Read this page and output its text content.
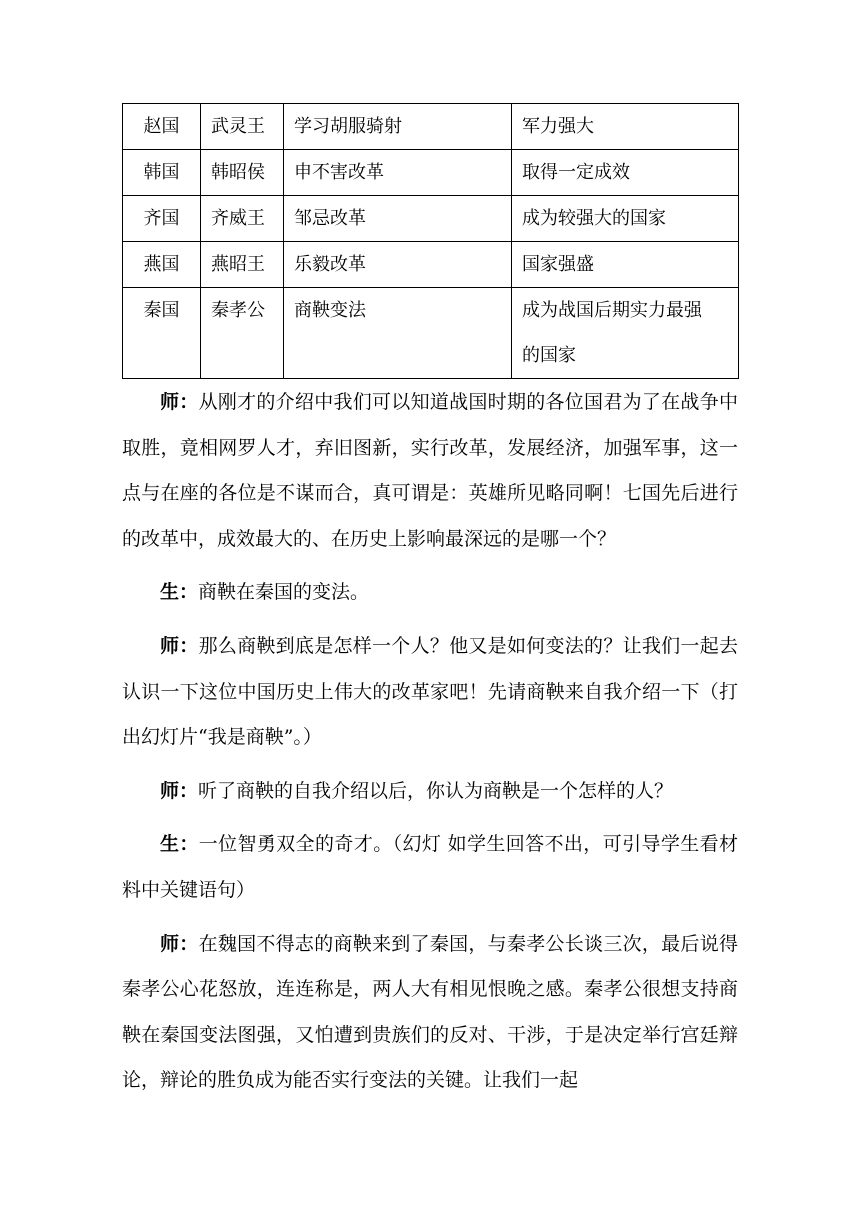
赵国	武灵王	学习胡服骑射	军力强大
韩国	韩昭侯	申不害改革	取得一定成效
齐国	齐威王	邹忌改革	成为较强大的国家
燕国	燕昭王	乐毅改革	国家强盛
秦国	秦孝公	商鞅变法	成为战国后期实力最强
的国家

师：从刚才的介绍中我们可以知道战国时期的各位国君为了在战争中取胜，竟相网罗人才，弃旧图新，实行改革，发展经济，加强军事，这一点与在座的各位是不谋而合，真可谓是：英雄所见略同啊！七国先后进行的改革中，成效最大的、在历史上影响最深远的是哪一个？

生：商鞅在秦国的变法。

师：那么商鞅到底是怎样一个人？他又是如何变法的？让我们一起去认识一下这位中国历史上伟大的改革家吧！先请商鞅来自我介绍一下（打出幻灯片“我是商鞅”。）

师：听了商鞅的自我介绍以后，你认为商鞅是一个怎样的人？

生：一位智勇双全的奇才。（幻灯 如学生回答不出，可引导学生看材料中关键语句）

师：在魏国不得志的商鞅来到了秦国，与秦孝公长谈三次，最后说得秦孝公心花怒放，连连称是，两人大有相见恨晚之感。秦孝公很想支持商鞅在秦国变法图强，又怕遭到贵族们的反对、干涉，于是决定举行宫廷辩论，辩论的胜负成为能否实行变法的关键。让我们一起
